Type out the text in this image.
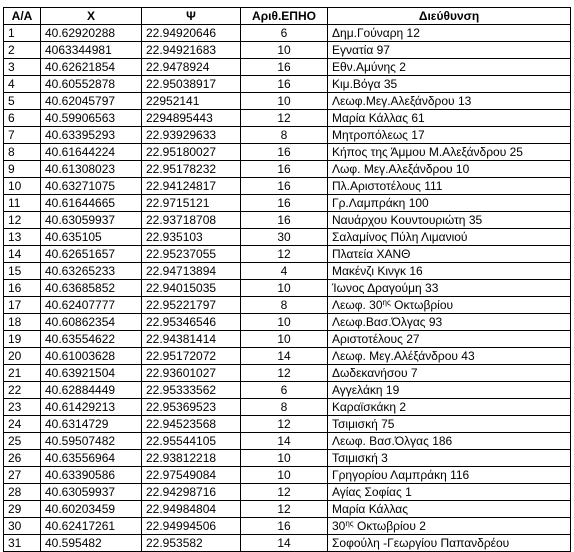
Α/Α	Χ	Ψ	Αριθ.ΕΠΗΟ	Διεύθυνση
1	40.62920288	22.94920646	6	Δημ.Γούναρη 12
2	4063344981	22.94921683	10	Εγνατία 97
3	40.62621854	22.9478924	16	Εθν.Αμύνης 2
4	40.60552878	22.95038917	16	Κιμ.Βόγα 35
5	40.62045797	22952141	10	Λεωφ.Μεγ.Αλεξάνδρου 13
6	40.59906563	2294895443	12	Μαρία Κάλλας 61
7	40.63395293	22.93929633	8	Μητροπόλεως 17
8	40.61644224	22.95180027	16	Κήπος της Άμμου Μ.Αλεξάνδρου 25
9	40.61308023	22.95178232	16	Λωφ. Μεγ.Αλεξάνδρου 10
10	40.63271075	22.94124817	16	Πλ.Αριστοτέλους 111
11	40.61644665	22.9715121	16	Γρ.Λαμπράκη 100
12	40.63059937	22.93718708	16	Ναυάρχου Κουντουριώτη 35
13	40.635105	22.935103	30	Σαλαμίνος Πύλη Λιμανιού
14	40.62651657	22.95237055	12	Πλατεία ΧΑΝΘ
15	40.63265233	22.94713894	4	Μακένζι Κινγκ 16
16	40.63685852	22.94015035	10	Ίωνος Δραγούμη 33
17	40.62407777	22.95221797	8	Λεωφ. $30^{\eta\varsigma}$ Οκτωβρίου
18	40.60862354	22.95346546	10	Λεωφ.Βασ.Όλγας 93
19	40.63554622	22.94381414	10	Αριστοτέλους 27
20	40.61003628	22.95172072	14	Λεωφ. Μεγ.Αλέξάνδρου 43
21	40.63921504	22.93601027	12	Δωδεκανήσου 7
22	40.62884449	22.95333562	6	Αγγελάκη 19
23	40.61429213	22.95369523	8	Καραϊσκάκη 2
24	40.6314729	22.94523568	12	Τσιμισκή 75
25	40.59507482	22.95544105	14	Λεωφ. Βασ.Όλγας 186
26	40.63556964	22.93812218	10	Τσιμισκή 3
27	40.63390586	22.97549084	10	Γρηγορίου Λαμπράκη 116
28	40.63059937	22.94298716	12	Αγίας Σοφίας 1
29	40.60203459	22.94984804	12	Μαρία Κάλλας
30	40.62417261	22.94994506	16	$30^{\eta\varsigma}$ Οκτωβρίου 2
31	40.595482	22.953582	14	Σοφούλη -Γεωργίου Παπανδρέου
